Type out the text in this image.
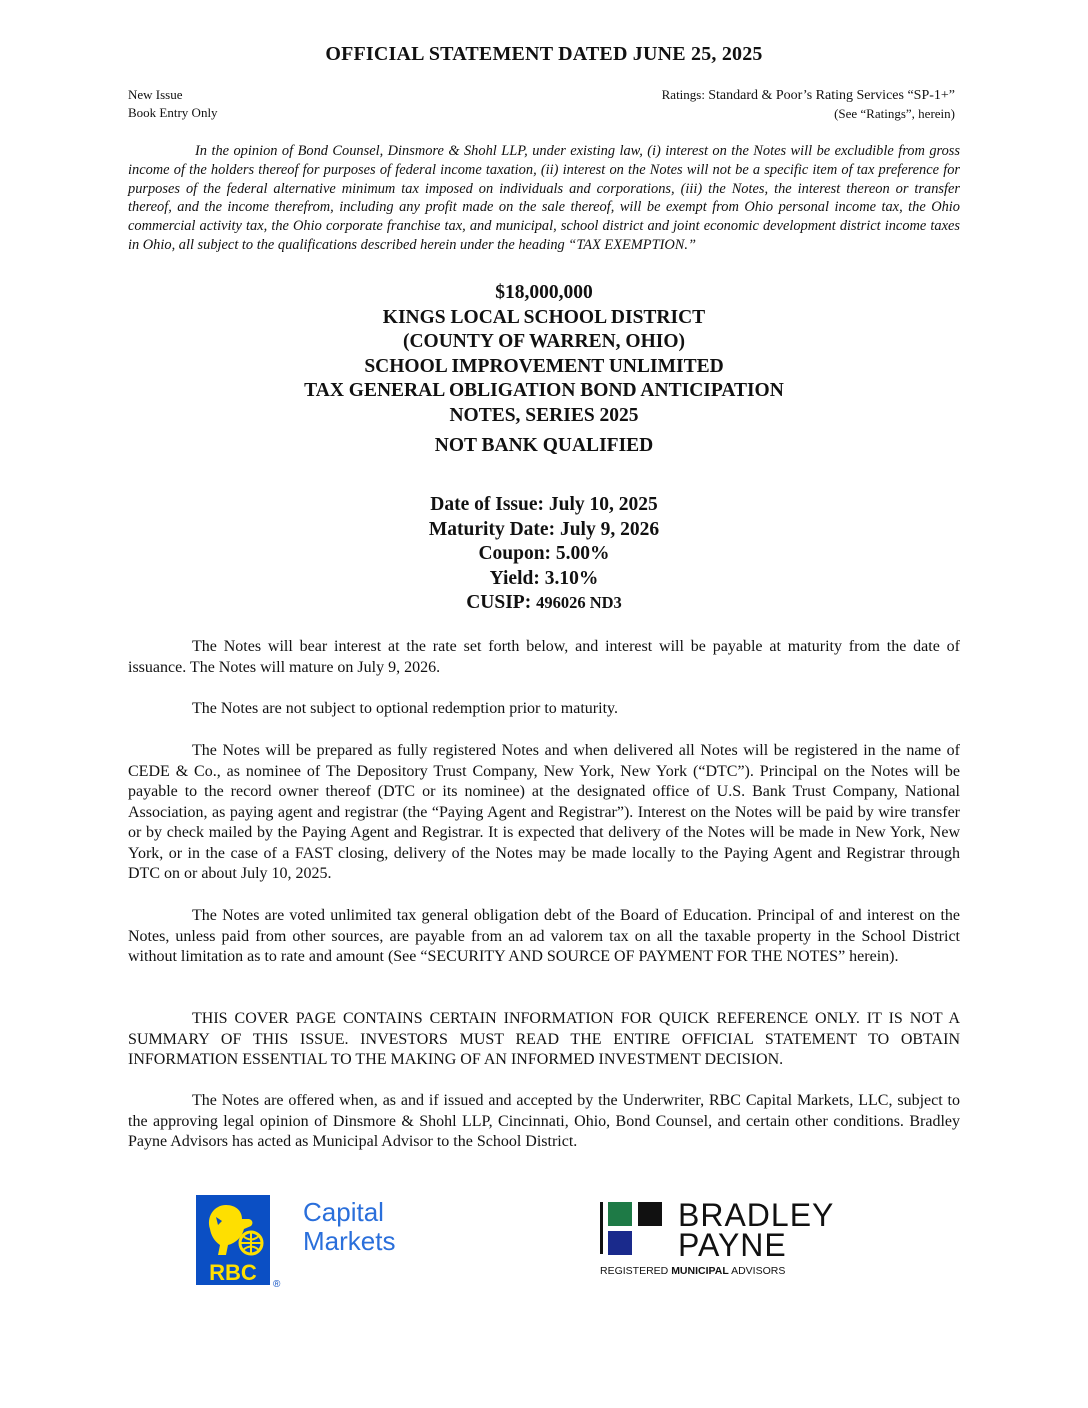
OFFICIAL STATEMENT DATED JUNE 25, 2025
New Issue
Book Entry Only
Ratings: Standard & Poor’s Rating Services “SP-1+”
(See “Ratings”, herein)
In the opinion of Bond Counsel, Dinsmore & Shohl LLP, under existing law, (i) interest on the Notes will be excludible from gross income of the holders thereof for purposes of federal income taxation, (ii) interest on the Notes will not be a specific item of tax preference for purposes of the federal alternative minimum tax imposed on individuals and corporations, (iii) the Notes, the interest thereon or transfer thereof, and the income therefrom, including any profit made on the sale thereof, will be exempt from Ohio personal income tax, the Ohio commercial activity tax, the Ohio corporate franchise tax, and municipal, school district and joint economic development district income taxes in Ohio, all subject to the qualifications described herein under the heading “TAX EXEMPTION.”
$18,000,000
KINGS LOCAL SCHOOL DISTRICT
(COUNTY OF WARREN, OHIO)
SCHOOL IMPROVEMENT UNLIMITED
TAX GENERAL OBLIGATION BOND ANTICIPATION
NOTES, SERIES 2025
NOT BANK QUALIFIED
Date of Issue: July 10, 2025
Maturity Date: July 9, 2026
Coupon: 5.00%
Yield: 3.10%
CUSIP: 496026 ND3
The Notes will bear interest at the rate set forth below, and interest will be payable at maturity from the date of issuance. The Notes will mature on July 9, 2026.
The Notes are not subject to optional redemption prior to maturity.
The Notes will be prepared as fully registered Notes and when delivered all Notes will be registered in the name of CEDE & Co., as nominee of The Depository Trust Company, New York, New York (“DTC”). Principal on the Notes will be payable to the record owner thereof (DTC or its nominee) at the designated office of U.S. Bank Trust Company, National Association, as paying agent and registrar (the “Paying Agent and Registrar”). Interest on the Notes will be paid by wire transfer or by check mailed by the Paying Agent and Registrar. It is expected that delivery of the Notes will be made in New York, New York, or in the case of a FAST closing, delivery of the Notes may be made locally to the Paying Agent and Registrar through DTC on or about July 10, 2025.
The Notes are voted unlimited tax general obligation debt of the Board of Education. Principal of and interest on the Notes, unless paid from other sources, are payable from an ad valorem tax on all the taxable property in the School District without limitation as to rate and amount (See “SECURITY AND SOURCE OF PAYMENT FOR THE NOTES” herein).
THIS COVER PAGE CONTAINS CERTAIN INFORMATION FOR QUICK REFERENCE ONLY. IT IS NOT A SUMMARY OF THIS ISSUE. INVESTORS MUST READ THE ENTIRE OFFICIAL STATEMENT TO OBTAIN INFORMATION ESSENTIAL TO THE MAKING OF AN INFORMED INVESTMENT DECISION.
The Notes are offered when, as and if issued and accepted by the Underwriter, RBC Capital Markets, LLC, subject to the approving legal opinion of Dinsmore & Shohl LLP, Cincinnati, Ohio, Bond Counsel, and certain other conditions. Bradley Payne Advisors has acted as Municipal Advisor to the School District.
RBC ®
Capital
Markets
BRADLEY
PAYNE
REGISTERED MUNICIPAL ADVISORS
